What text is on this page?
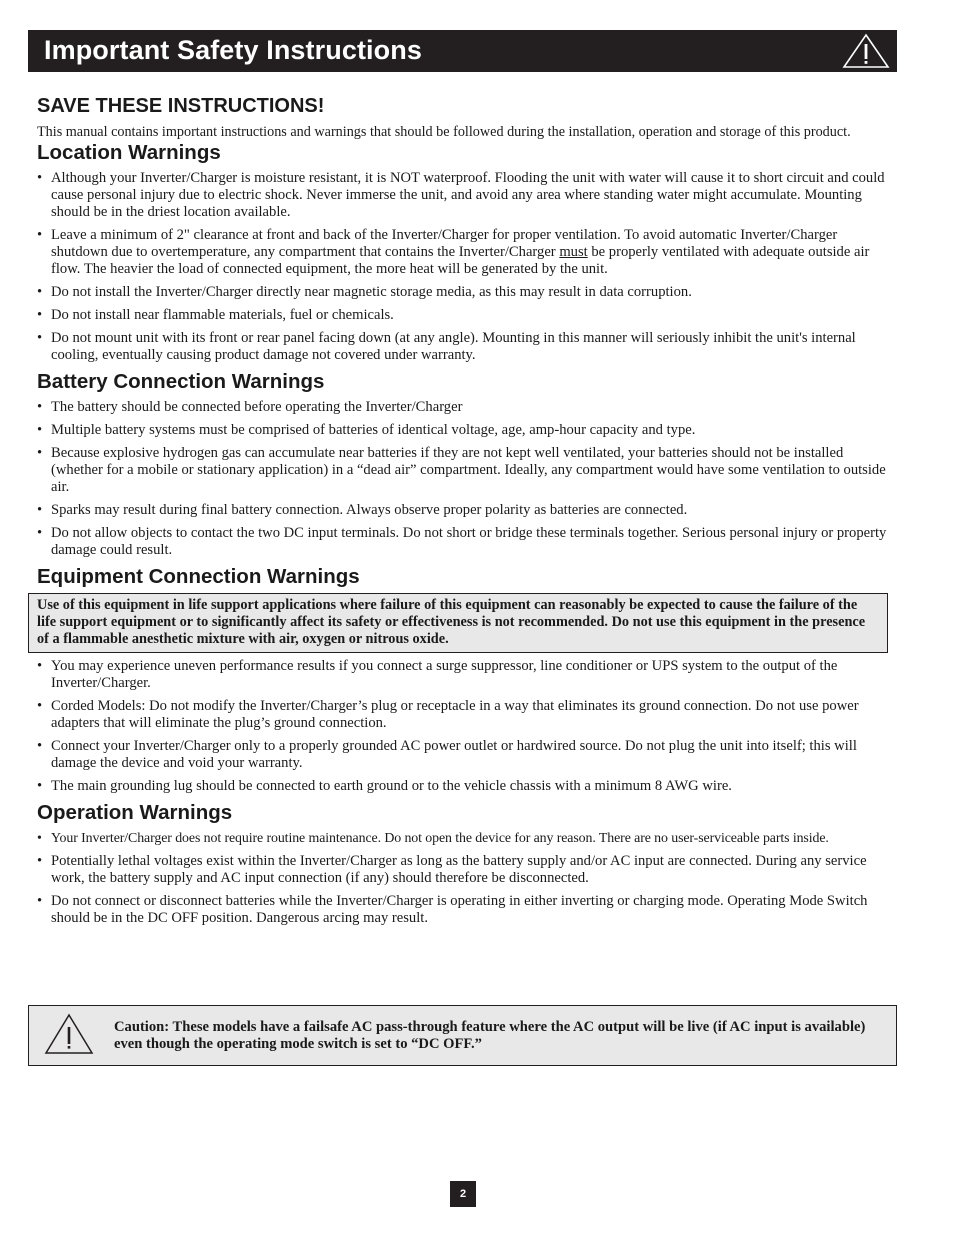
Important Safety Instructions
SAVE THESE INSTRUCTIONS!

This manual contains important instructions and warnings that should be followed during the installation, operation and storage of this product.

Location Warnings
• Although your Inverter/Charger is moisture resistant, it is NOT waterproof. Flooding the unit with water will cause it to short circuit and could cause personal injury due to electric shock. Never immerse the unit, and avoid any area where standing water might accumulate. Mounting should be in the driest location available.
• Leave a minimum of 2" clearance at front and back of the Inverter/Charger for proper ventilation. To avoid automatic Inverter/Charger shutdown due to overtemperature, any compartment that contains the Inverter/Charger must be properly ventilated with adequate outside air flow. The heavier the load of connected equipment, the more heat will be generated by the unit.
• Do not install the Inverter/Charger directly near magnetic storage media, as this may result in data corruption.
• Do not install near flammable materials, fuel or chemicals.
• Do not mount unit with its front or rear panel facing down (at any angle). Mounting in this manner will seriously inhibit the unit's internal cooling, eventually causing product damage not covered under warranty.
Battery Connection Warnings
• The battery should be connected before operating the Inverter/Charger
• Multiple battery systems must be comprised of batteries of identical voltage, age, amp-hour capacity and type.
• Because explosive hydrogen gas can accumulate near batteries if they are not kept well ventilated, your batteries should not be installed (whether for a mobile or stationary application) in a “dead air” compartment. Ideally, any compartment would have some ventilation to outside air.
• Sparks may result during final battery connection. Always observe proper polarity as batteries are connected.
• Do not allow objects to contact the two DC input terminals. Do not short or bridge these terminals together. Serious personal injury or property damage could result.
Equipment Connection Warnings
Use of this equipment in life support applications where failure of this equipment can reasonably be expected to cause the failure of the life support equipment or to significantly affect its safety or effectiveness is not recommended. Do not use this equipment in the presence of a flammable anesthetic mixture with air, oxygen or nitrous oxide.
• You may experience uneven performance results if you connect a surge suppressor, line conditioner or UPS system to the output of the Inverter/Charger.
• Corded Models: Do not modify the Inverter/Charger’s plug or receptacle in a way that eliminates its ground connection. Do not use power adapters that will eliminate the plug’s ground connection.
• Connect your Inverter/Charger only to a properly grounded AC power outlet or hardwired source. Do not plug the unit into itself; this will damage the device and void your warranty.
• The main grounding lug should be connected to earth ground or to the vehicle chassis with a minimum 8 AWG wire.
Operation Warnings
• Your Inverter/Charger does not require routine maintenance. Do not open the device for any reason. There are no user-serviceable parts inside.
• Potentially lethal voltages exist within the Inverter/Charger as long as the battery supply and/or AC input are connected. During any service work, the battery supply and AC input connection (if any) should therefore be disconnected.
• Do not connect or disconnect batteries while the Inverter/Charger is operating in either inverting or charging mode. Operating Mode Switch should be in the DC OFF position. Dangerous arcing may result.
Caution: These models have a failsafe AC pass-through feature where the AC output will be live (if AC input is available) even though the operating mode switch is set to “DC OFF.”
2
